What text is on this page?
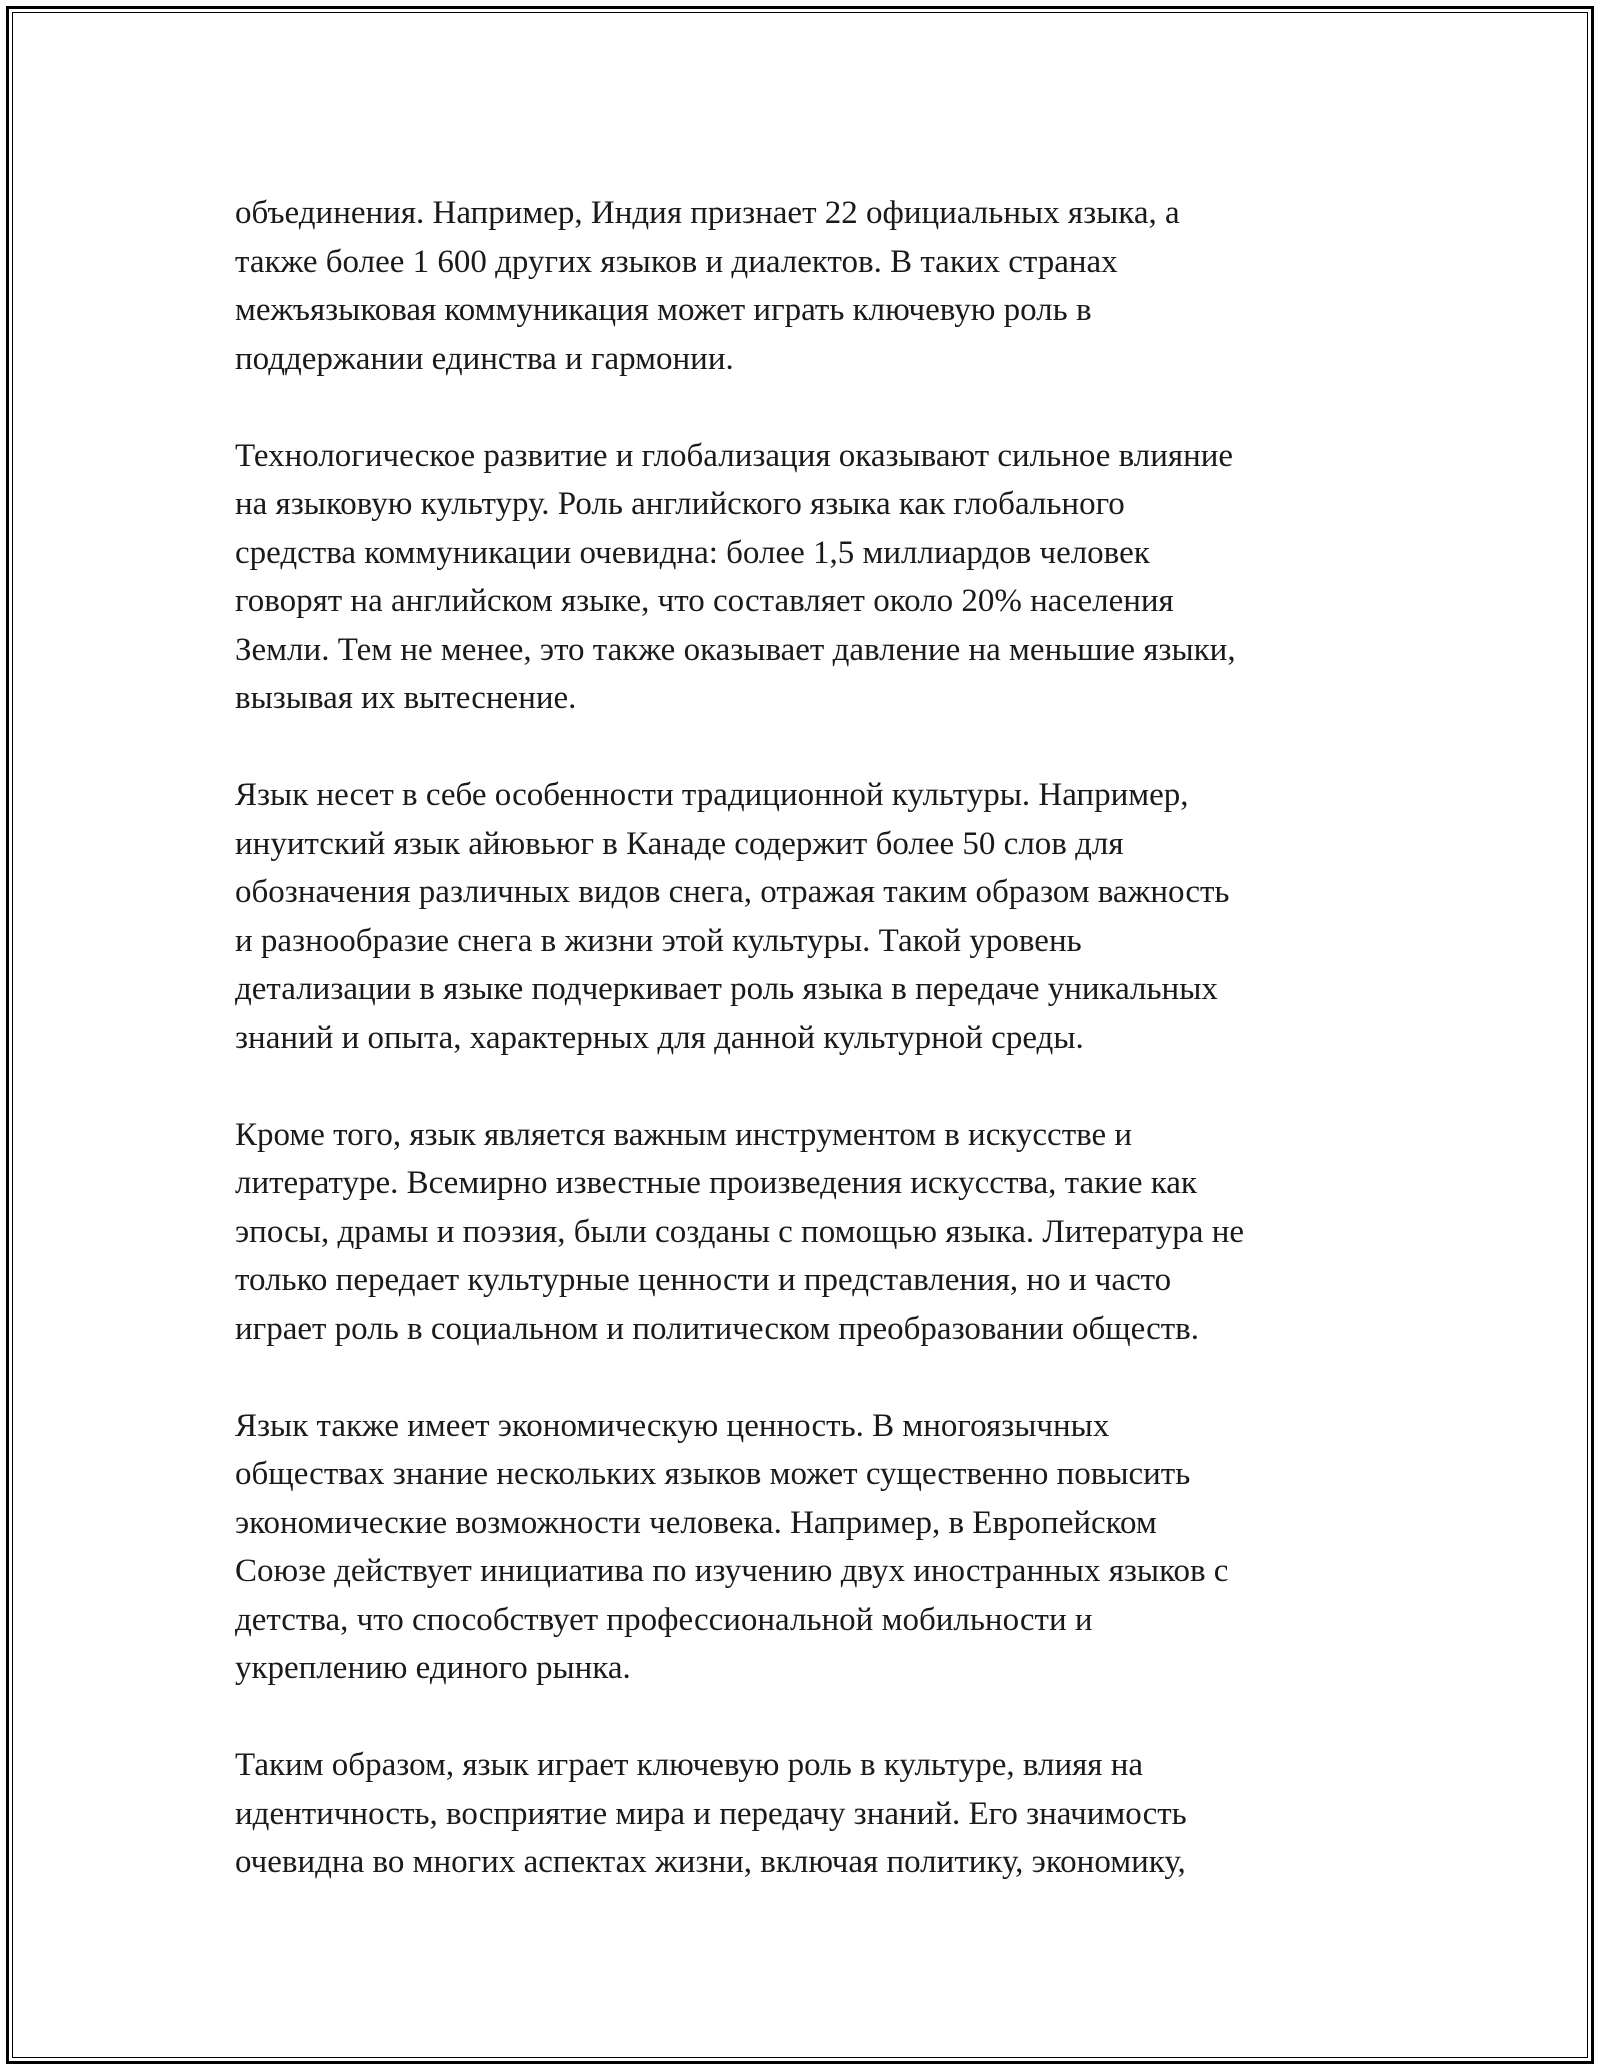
объединения. Например, Индия признает 22 официальных языка, а
также более 1 600 других языков и диалектов. В таких странах
межъязыковая коммуникация может играть ключевую роль в
поддержании единства и гармонии.

Технологическое развитие и глобализация оказывают сильное влияние
на языковую культуру. Роль английского языка как глобального
средства коммуникации очевидна: более 1,5 миллиардов человек
говорят на английском языке, что составляет около 20% населения
Земли. Тем не менее, это также оказывает давление на меньшие языки,
вызывая их вытеснение.

Язык несет в себе особенности традиционной культуры. Например,
инуитский язык айювьюг в Канаде содержит более 50 слов для
обозначения различных видов снега, отражая таким образом важность
и разнообразие снега в жизни этой культуры. Такой уровень
детализации в языке подчеркивает роль языка в передаче уникальных
знаний и опыта, характерных для данной культурной среды.

Кроме того, язык является важным инструментом в искусстве и
литературе. Всемирно известные произведения искусства, такие как
эпосы, драмы и поэзия, были созданы с помощью языка. Литература не
только передает культурные ценности и представления, но и часто
играет роль в социальном и политическом преобразовании обществ.

Язык также имеет экономическую ценность. В многоязычных
обществах знание нескольких языков может существенно повысить
экономические возможности человека. Например, в Европейском
Союзе действует инициатива по изучению двух иностранных языков с
детства, что способствует профессиональной мобильности и
укреплению единого рынка.

Таким образом, язык играет ключевую роль в культуре, влияя на
идентичность, восприятие мира и передачу знаний. Его значимость
очевидна во многих аспектах жизни, включая политику, экономику,
